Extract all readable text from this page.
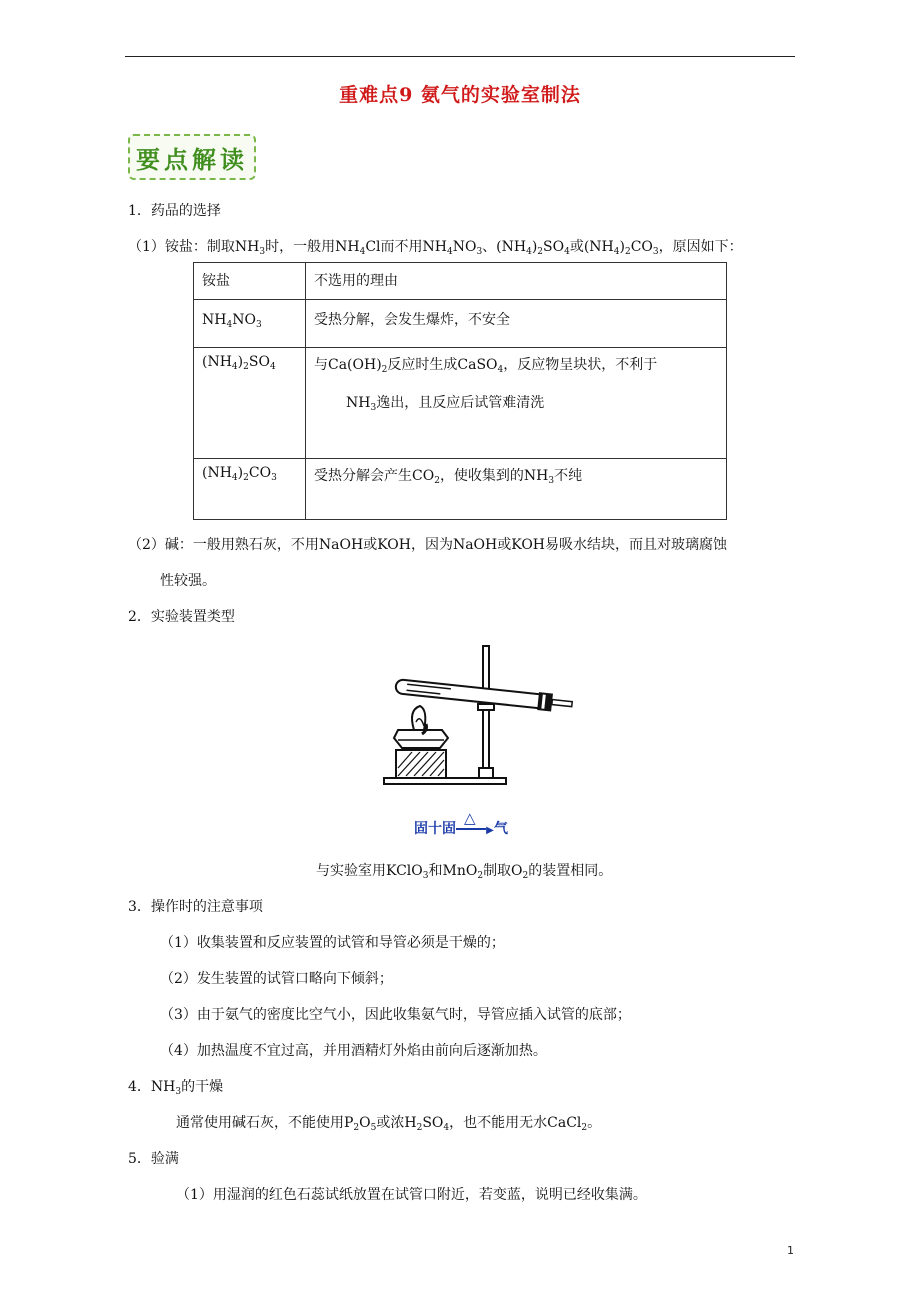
重难点9 氨气的实验室制法
要点解读
1．药品的选择
（1）铵盐：制取$NH_3$时，一般用$NH_4Cl$而不用$NH_4NO_3$、$(NH_4)_2SO_4$或$(NH_4)_2CO_3$，原因如下：
铵盐	不选用的理由
$NH_4NO_3$	受热分解，会发生爆炸，不安全
$(NH_4)_2SO_4$	与$Ca(OH)_2$反应时生成CaSO$_4$，反应物呈块状，不利于
$NH_3$逸出，且反应后试管难清洗

$(NH_4)_2CO_3$	受热分解会产生$CO_2$，使收集到的$NH_3$不纯
（2）碱：一般用熟石灰，不用NaOH或KOH，因为NaOH或KOH易吸水结块，而且对玻璃腐蚀
性较强。
2．实验装置类型
固十固
△
▶气
与实验室用KClO$_3$和MnO$_2$制取$O_2$的装置相同。
3．操作时的注意事项
（1）收集装置和反应装置的试管和导管必须是干燥的；
（2）发生装置的试管口略向下倾斜；
（3）由于氨气的密度比空气小，因此收集氨气时，导管应插入试管的底部；
（4）加热温度不宜过高，并用酒精灯外焰由前向后逐渐加热。
4．$NH_3$的干燥
通常使用碱石灰，不能使用$P_2O_5$或浓$H_2SO_4$，也不能用无水CaCl$_2$。
5．验满
（1）用湿润的红色石蕊试纸放置在试管口附近，若变蓝，说明已经收集满。
1
